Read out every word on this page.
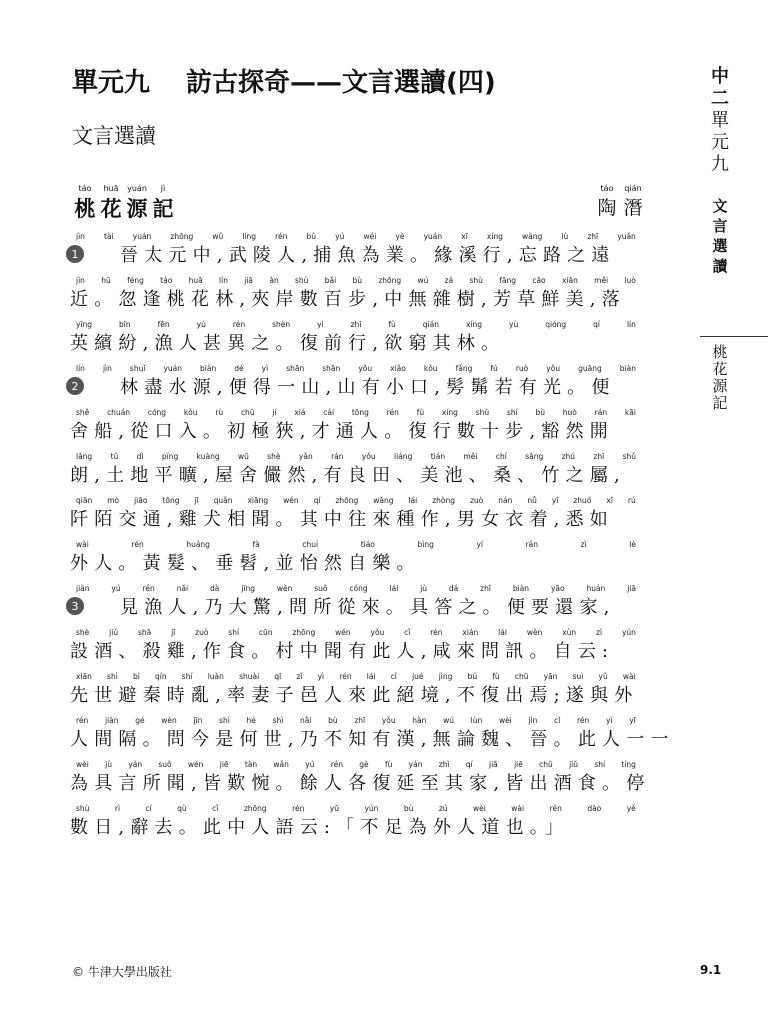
單元九 訪古探奇——文言選讀(四)
文言選讀
táo	huā	yuán	jì
桃 花 源 記
táo	qián
陶 潛
1
jìn	tài	yuán	zhōng	wǔ	líng	rén	bǔ	yú	wéi	yè	yuán	xī	xíng	wàng	lù	zhī	yuǎn
晉太元中,武陵人,捕魚為業。緣溪行,忘路之遠
jìn hū féng táo huā lín jiā àn shù bǎi bù zhōng wú zá shù fāng cǎo xiān měi luò
近。忽逢桃花林,夾岸數百步,中無雜樹,芳草鮮美,落
yīng	bīn	fēn	yú	rén	shèn	yì	zhī	fù	qián	xíng	yù	qióng	qí	lín
英繽紛,漁人甚異之。復前行,欲窮其林。
2
lín jìn shuǐ yuán biàn dé yì shān shān yǒu xiǎo kǒu fǎng fú ruò yǒu guāng biàn
林盡水源,便得一山,山有小口,髣髴若有光。便
shě chuán cóng kǒu rù chū jí xiá cái tōng rén fù xíng shù shí bù huò rán kāi
舍船,從口入。初極狹,才通人。復行數十步,豁然開
lǎng tǔ dì píng kuàng wū shè yǎn rán yǒu liáng tián měi chí sāng zhú zhī shǔ
朗,土地平曠,屋舍儼然,有良田、美池、桑、竹之屬,
qiān mò jiāo tōng jī quǎn xiāng wén qí zhōng wǎng lái zhòng zuò nán nǚ yī zhuó xī rú
阡陌交通,雞犬相聞。其中往來種作,男女衣着,悉如
wài	rén	huáng	fà	chuí	tiáo	bìng	yí	rán	zì	lè
外人。黃髮、垂髫,並怡然自樂。
3
jiàn	yú	rén	nǎi	dà	jīng	wèn	suǒ	cóng	lái	jù	dá	zhī	biàn	yāo	huán	jiā
見漁人,乃大驚,問所從來。具答之。便要還家,
shè	jiǔ	shā	jī	zuò	shí	cūn	zhōng	wén	yǒu	cǐ	rén	xián	lái	wèn	xùn	zì	yún
設酒、殺雞,作食。村中聞有此人,咸來問訊。自云:
xiān shì bì qín shí luàn shuài qī zǐ yì rén lái cǐ jué jìng bú fù chū yān suì yǔ wài
先世避秦時亂,率妻子邑人來此絕境,不復出焉;遂與外
rén jiàn gé wèn jīn shì hé shì nǎi bù zhī yǒu hàn wú lùn wèi jìn cǐ rén yì yī
人間隔。問今是何世,乃不知有漢,無論魏、晉。此人一一
wèi jù yán suǒ wén jiē tàn wǎn yú rén gè fù yán zhì qí jiā jiē chū jiǔ shí tíng
為具言所聞,皆歎惋。餘人各復延至其家,皆出酒食。停
shù	rì	cí	qù	cǐ	zhōng	rén	yǔ	yún	bù	zú	wèi	wài	rén	dào	yě
數日,辭去。此中人語云:「不足為外人道也。」
中
二
單
元
九
文
言
選
讀
桃
花
源
記
© 牛津大學出版社	9.1
